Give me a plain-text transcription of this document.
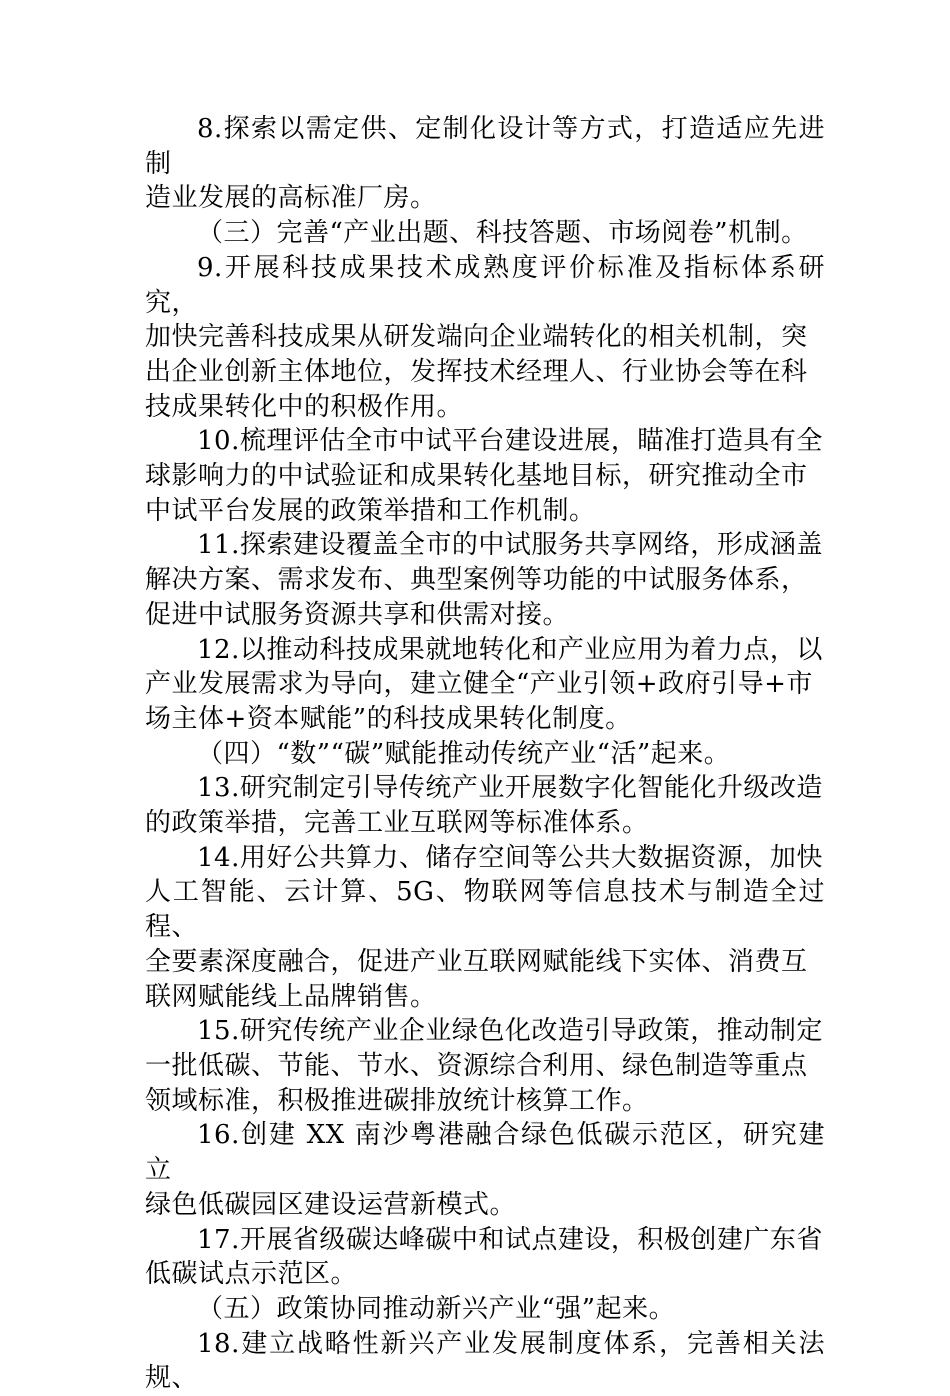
8.探索以需定供、定制化设计等方式，打造适应先进制
造业发展的高标准厂房。

（三）完善“产业出题、科技答题、市场阅卷”机制。

9.开展科技成果技术成熟度评价标准及指标体系研究，
加快完善科技成果从研发端向企业端转化的相关机制，突
出企业创新主体地位，发挥技术经理人、行业协会等在科
技成果转化中的积极作用。

10.梳理评估全市中试平台建设进展，瞄准打造具有全
球影响力的中试验证和成果转化基地目标，研究推动全市
中试平台发展的政策举措和工作机制。

11.探索建设覆盖全市的中试服务共享网络，形成涵盖
解决方案、需求发布、典型案例等功能的中试服务体系，
促进中试服务资源共享和供需对接。

12.以推动科技成果就地转化和产业应用为着力点，以
产业发展需求为导向，建立健全“产业引领+政府引导+市
场主体+资本赋能”的科技成果转化制度。

（四）“数”“碳”赋能推动传统产业“活”起来。

13.研究制定引导传统产业开展数字化智能化升级改造
的政策举措，完善工业互联网等标准体系。

14.用好公共算力、储存空间等公共大数据资源，加快
人工智能、云计算、5G、物联网等信息技术与制造全过程、
全要素深度融合，促进产业互联网赋能线下实体、消费互
联网赋能线上品牌销售。

15.研究传统产业企业绿色化改造引导政策，推动制定
一批低碳、节能、节水、资源综合利用、绿色制造等重点
领域标准，积极推进碳排放统计核算工作。

16.创建 XX 南沙粤港融合绿色低碳示范区，研究建立
绿色低碳园区建设运营新模式。

17.开展省级碳达峰碳中和试点建设，积极创建广东省
低碳试点示范区。

（五）政策协同推动新兴产业“强”起来。

18.建立战略性新兴产业发展制度体系，完善相关法规、
